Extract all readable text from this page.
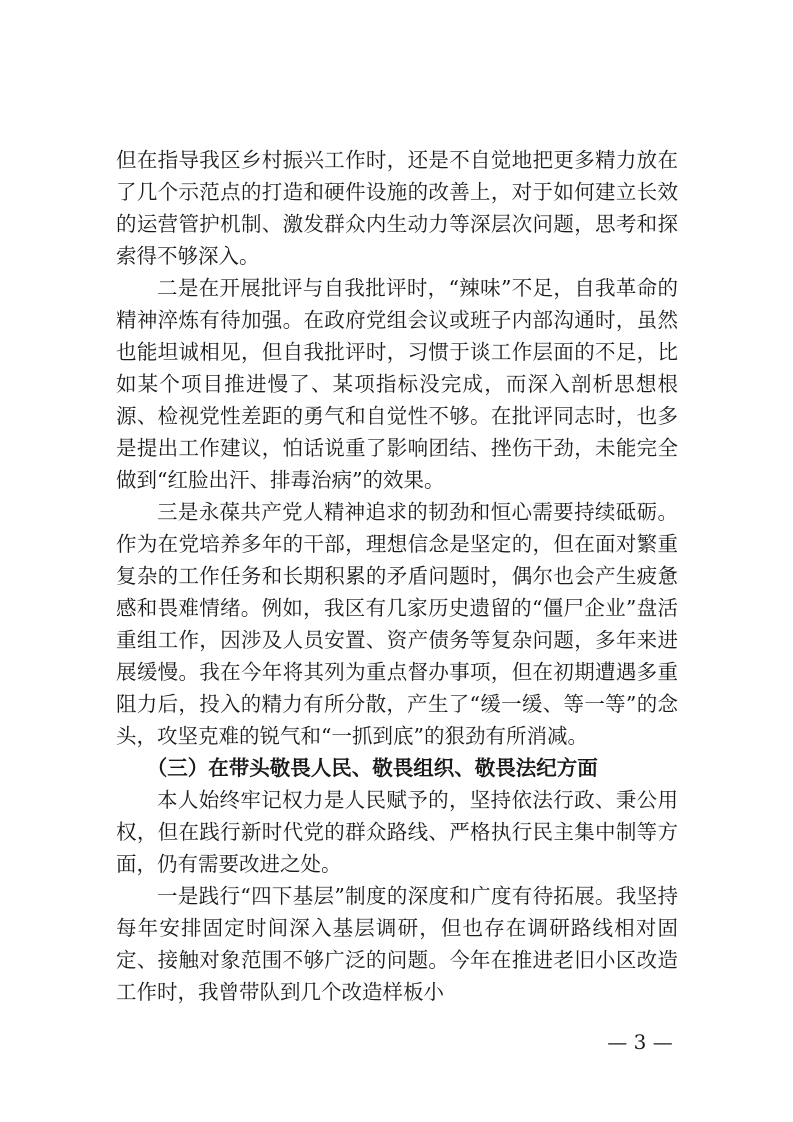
但在指导我区乡村振兴工作时，还是不自觉地把更多精力放在了几个示范点的打造和硬件设施的改善上，对于如何建立长效的运营管护机制、激发群众内生动力等深层次问题，思考和探索得不够深入。

二是在开展批评与自我批评时，“辣味”不足，自我革命的精神淬炼有待加强。在政府党组会议或班子内部沟通时，虽然也能坦诚相见，但自我批评时，习惯于谈工作层面的不足，比如某个项目推进慢了、某项指标没完成，而深入剖析思想根源、检视党性差距的勇气和自觉性不够。在批评同志时，也多是提出工作建议，怕话说重了影响团结、挫伤干劲，未能完全做到“红脸出汗、排毒治病”的效果。

三是永葆共产党人精神追求的韧劲和恒心需要持续砥砺。作为在党培养多年的干部，理想信念是坚定的，但在面对繁重复杂的工作任务和长期积累的矛盾问题时，偶尔也会产生疲惫感和畏难情绪。例如，我区有几家历史遗留的“僵尸企业”盘活重组工作，因涉及人员安置、资产债务等复杂问题，多年来进展缓慢。我在今年将其列为重点督办事项，但在初期遭遇多重阻力后，投入的精力有所分散，产生了“缓一缓、等一等”的念头，攻坚克难的锐气和“一抓到底”的狠劲有所消减。

（三）在带头敬畏人民、敬畏组织、敬畏法纪方面

本人始终牢记权力是人民赋予的，坚持依法行政、秉公用权，但在践行新时代党的群众路线、严格执行民主集中制等方面，仍有需要改进之处。

一是践行“四下基层”制度的深度和广度有待拓展。我坚持每年安排固定时间深入基层调研，但也存在调研路线相对固定、接触对象范围不够广泛的问题。今年在推进老旧小区改造工作时，我曾带队到几个改造样板小

— 3 —
